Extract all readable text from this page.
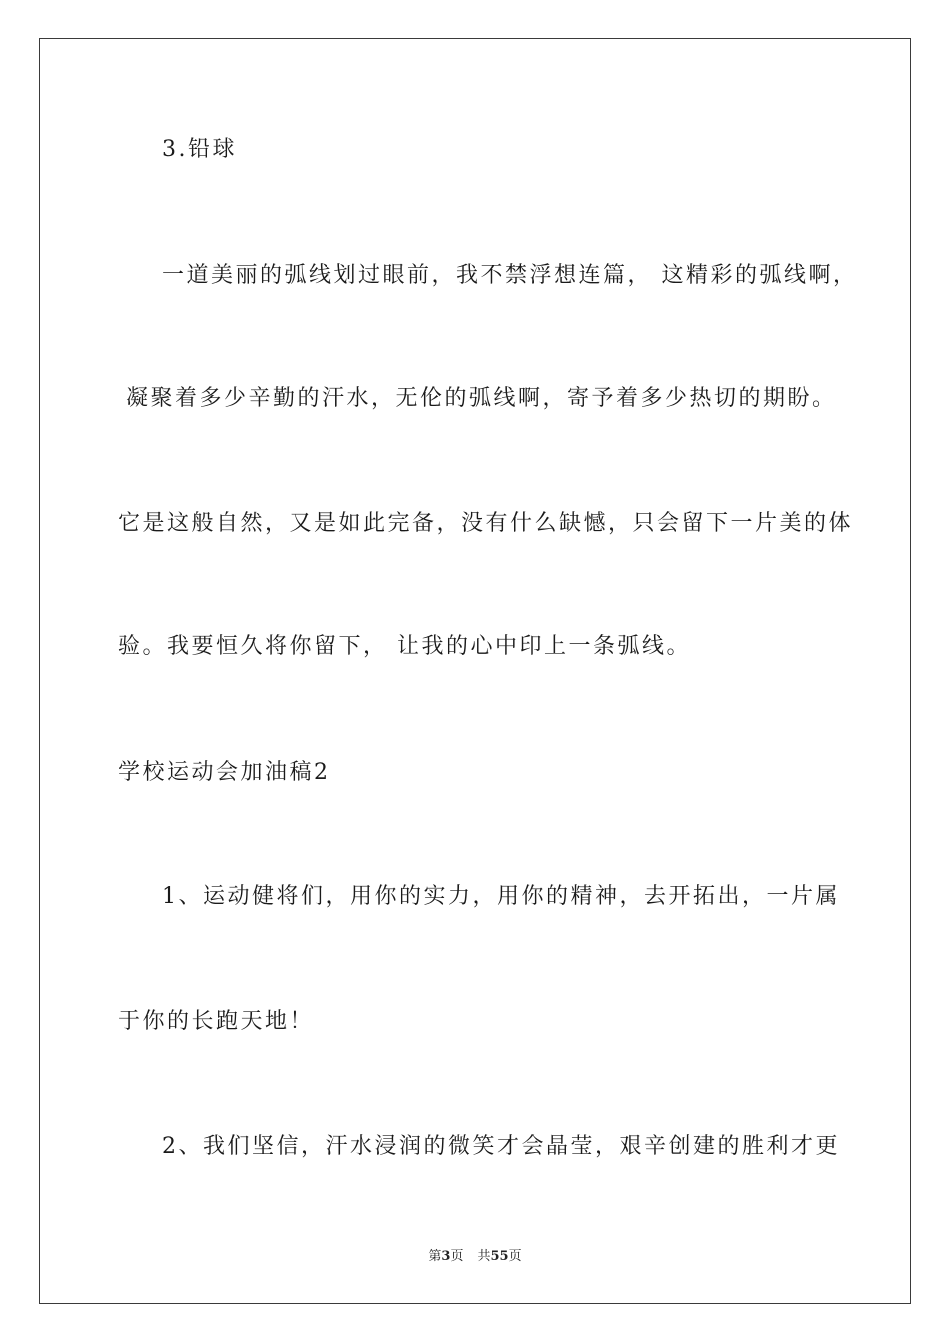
3.铅球
一道美丽的弧线划过眼前，我不禁浮想连篇， 这精彩的弧线啊，
凝聚着多少辛勤的汗水，无伦的弧线啊，寄予着多少热切的期盼。
它是这般自然，又是如此完备，没有什么缺憾，只会留下一片美的体
验。我要恒久将你留下， 让我的心中印上一条弧线。
学校运动会加油稿2
1、运动健将们，用你的实力，用你的精神，去开拓出，一片属
于你的长跑天地！
2、我们坚信，汗水浸润的微笑才会晶莹，艰辛创建的胜利才更
第3页 共55页
